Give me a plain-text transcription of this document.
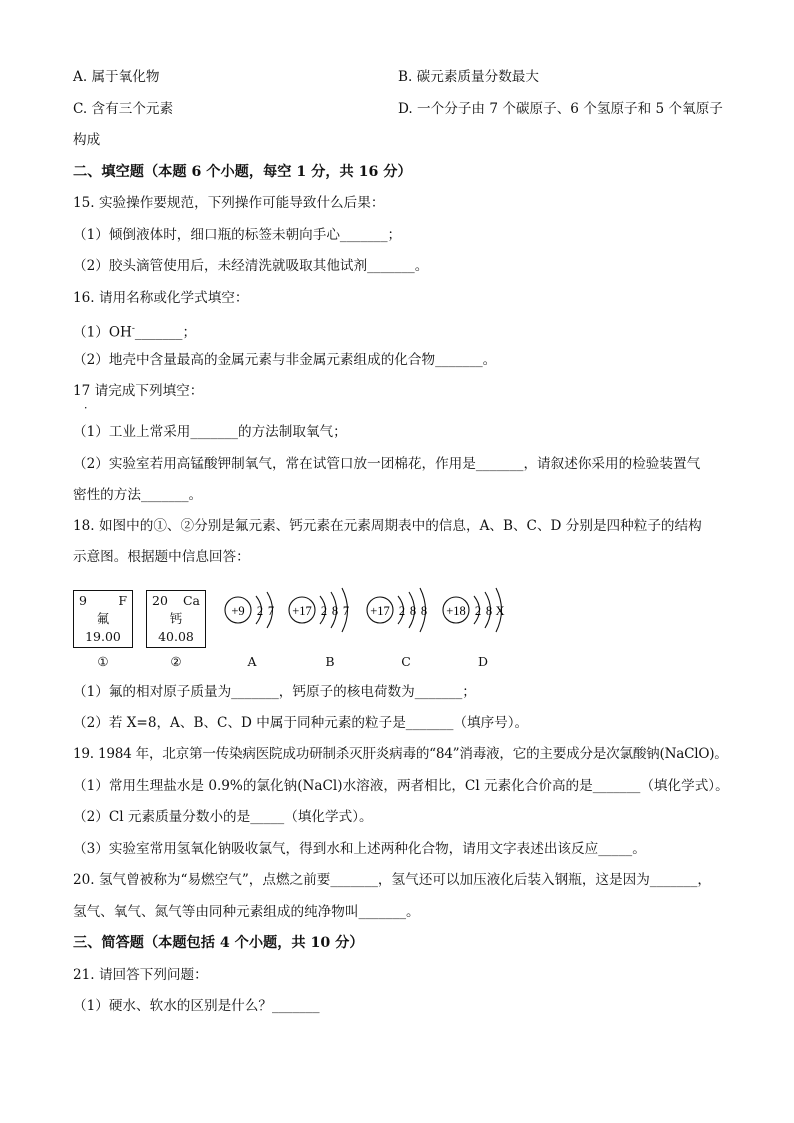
A. 属于氧化物	B. 碳元素质量分数最大
C. 含有三个元素	D. 一个分子由 7 个碳原子、6 个氢原子和 5 个氧原子
构成
二、填空题（本题 6 个小题，每空 1 分，共 16 分）
15. 实验操作要规范，下列操作可能导致什么后果：
（1）倾倒液体时，细口瓶的标签未朝向手心_______；
（2）胶头滴管使用后，未经清洗就吸取其他试剂_______。
16. 请用名称或化学式填空：
（1）OH-_______；
（2）地壳中含量最高的金属元素与非金属元素组成的化合物_______。
17 请完成下列填空：
．
（1）工业上常采用_______的方法制取氧气；
（2）实验室若用高锰酸钾制氧气，常在试管口放一团棉花，作用是_______，请叙述你采用的检验装置气
密性的方法_______。
18. 如图中的①、②分别是氟元素、钙元素在元素周期表中的信息，A、B、C、D 分别是四种粒子的结构
示意图。根据题中信息回答：
9	F
氟
19.00
①
20 Ca
钙
40.08
②
+9 2 7 +17 2 8 7 +17 2 8 8 +18 2 8 X
A	B	C	D
（1）氟的相对原子质量为_______，钙原子的核电荷数为_______；
（2）若 X=8，A、B、C、D 中属于同种元素的粒子是_______（填序号）。
19. 1984 年，北京第一传染病医院成功研制杀灭肝炎病毒的“84”消毒液，它的主要成分是次氯酸钠(NaClO)。
（1）常用生理盐水是 0.9%的氯化钠(NaCl)水溶液，两者相比，Cl 元素化合价高的是_______（填化学式）。
（2）Cl 元素质量分数小的是_____（填化学式）。
（3）实验室常用氢氧化钠吸收氯气，得到水和上述两种化合物，请用文字表述出该反应_____。
20. 氢气曾被称为“易燃空气”，点燃之前要_______，氢气还可以加压液化后装入钢瓶，这是因为_______，
氢气、氧气、氮气等由同种元素组成的纯净物叫_______。
三、简答题（本题包括 4 个小题，共 10 分）
21. 请回答下列问题：
（1）硬水、软水的区别是什么？_______
